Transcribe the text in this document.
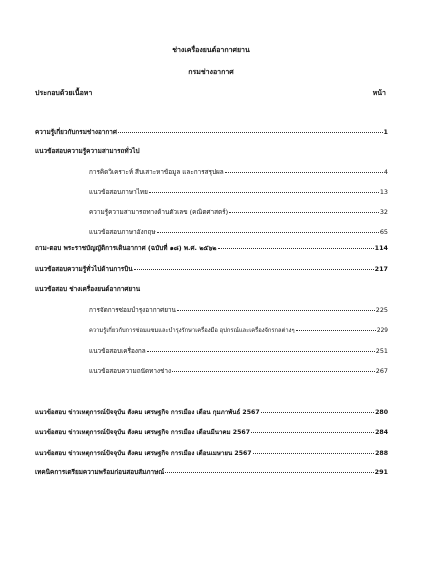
ช่างเครื่องยนต์อากาศยาน
กรมช่างอากาศ
ประกอบด้วยเนื้อหา	หน้า
ความรู้เกี่ยวกับกรมช่างอากาศ	1
แนวข้อสอบความรู้ความสามารถทั่วไป
การคิดวิเคราะห์ สืบเสาะหาข้อมูล และการสรุปผล	4
แนวข้อสอบภาษาไทย	13
ความรู้ความสามารถทางด้านตัวเลข (คณิตศาสตร์)	32
แนวข้อสอบภาษาอังกฤษ	65
ถาม-ตอบ พระราชบัญญัติการเดินอากาศ (ฉบับที่ ๑๘) พ.ศ. ๒๕๖๒	114
แนวข้อสอบความรู้ทั่วไปด้านการบิน	217
แนวข้อสอบ ช่างเครื่องยนต์อากาศยาน
การจัดการซ่อมบำรุงอากาศยาน	225
ความรู้เกี่ยวกับการซ่อมแซมและบำรุงรักษาเครื่องมือ อุปกรณ์และเครื่องจักรกลต่างๆ	229
แนวข้อสอบเครื่องกล	251
แนวข้อสอบความถนัดทางช่าง	267
แนวข้อสอบ ข่าวเหตุการณ์ปัจจุบัน สังคม เศรษฐกิจ การเมือง เดือน กุมภาพันธ์ 2567	280
แนวข้อสอบ ข่าวเหตุการณ์ปัจจุบัน สังคม เศรษฐกิจ การเมือง เดือนมีนาคม 2567	284
แนวข้อสอบ ข่าวเหตุการณ์ปัจจุบัน สังคม เศรษฐกิจ การเมือง เดือนเมษายน 2567	288
เทคนิคการเตรียมความพร้อมก่อนสอบสัมภาษณ์	291
